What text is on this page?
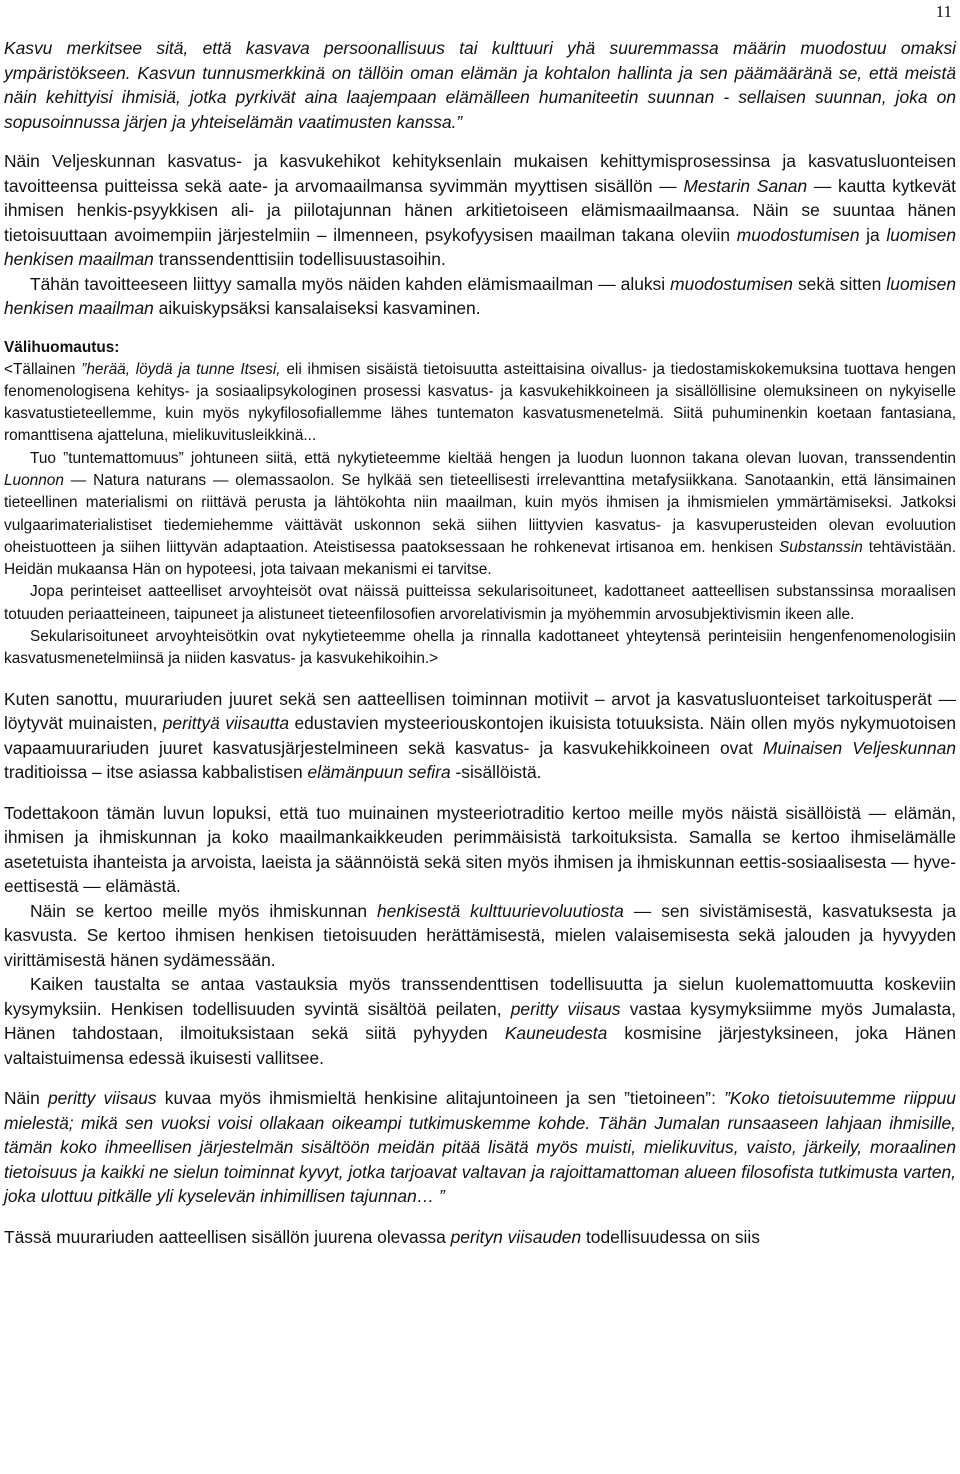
11

Kasvu merkitsee sitä, että kasvava persoonallisuus tai kulttuuri yhä suuremmassa määrin muodostuu omaksi ympäristökseen. Kasvun tunnusmerkkinä on tällöin oman elämän ja kohtalon hallinta ja sen päämääränä se, että meistä näin kehittyisi ihmisiä, jotka pyrkivät aina laajempaan elämälleen humaniteetin suunnan - sellaisen suunnan, joka on sopusoinnussa järjen ja yhteiselämän vaatimusten kanssa.”

Näin Veljeskunnan kasvatus- ja kasvukehikot kehityksenlain mukaisen kehittymisprosessinsa ja kasvatusluonteisen tavoitteensa puitteissa sekä aate- ja arvomaailmansa syvimmän myyttisen sisällön — Mestarin Sanan — kautta kytkevät ihmisen henkis-psyykkisen ali- ja piilotajunnan hänen arkitietoiseen elämismaailmaansa. Näin se suuntaa hänen tietoisuuttaan avoimempiin järjestelmiin – ilmenneen, psykofyysisen maailman takana oleviin muodostumisen ja luomisen henkisen maailman transsendenttisiin todellisuustasoihin.

Tähän tavoitteeseen liittyy samalla myös näiden kahden elämismaailman — aluksi muodostumisen sekä sitten luomisen henkisen maailman aikuiskypsäksi kansalaiseksi kasvaminen.

Välihuomautus:

<Tällainen ”herää, löydä ja tunne Itsesi, eli ihmisen sisäistä tietoisuutta asteittaisina oivallus- ja tiedostamiskokemuksina tuottava hengen fenomenologisena kehitys- ja sosiaalipsykologinen prosessi kasvatus- ja kasvukehikkoineen ja sisällöllisine olemuksineen on nykyiselle kasvatustieteellemme, kuin myös nykyfilosofiallemme lähes tuntematon kasvatusmenetelmä. Siitä puhuminenkin koetaan fantasiana, romanttisena ajatteluna, mielikuvitusleikkinä...

Tuo ”tuntemattomuus” johtuneen siitä, että nykytieteemme kieltää hengen ja luodun luonnon takana olevan luovan, transsendentin Luonnon — Natura naturans — olemassaolon. Se hylkää sen tieteellisesti irrelevanttina metafysiikkana. Sanotaankin, että länsimainen tieteellinen materialismi on riittävä perusta ja lähtökohta niin maailman, kuin myös ihmisen ja ihmismielen ymmärtämiseksi. Jatkoksi vulgaarimaterialistiset tiedemiehemme väittävät uskonnon sekä siihen liittyvien kasvatus- ja kasvuperusteiden olevan evoluution oheistuotteen ja siihen liittyvän adaptaation. Ateistisessa paatoksessaan he rohkenevat irtisanoa em. henkisen Substanssin tehtävistään. Heidän mukaansa Hän on hypoteesi, jota taivaan mekanismi ei tarvitse.

Jopa perinteiset aatteelliset arvoyhteisöt ovat näissä puitteissa sekularisoituneet, kadottaneet aatteellisen substanssinsa moraalisen totuuden periaatteineen, taipuneet ja alistuneet tieteenfilosofien arvorelativismin ja myöhemmin arvosubjektivismin ikeen alle.

Sekularisoituneet arvoyhteisötkin ovat nykytieteemme ohella ja rinnalla kadottaneet yhteytensä perinteisiin hengenfenomenologisiin kasvatusmenetelmiinsä ja niiden kasvatus- ja kasvukehikoihin.>

Kuten sanottu, muurariuden juuret sekä sen aatteellisen toiminnan motiivit – arvot ja kasvatusluonteiset tarkoitusperät — löytyvät muinaisten, perittyä viisautta edustavien mysteeriouskontojen ikuisista totuuksista. Näin ollen myös nykymuotoisen vapaamuurariuden juuret kasvatusjärjestelmineen sekä kasvatus- ja kasvukehikkoineen ovat Muinaisen Veljeskunnan traditioissa – itse asiassa kabbalistisen elämänpuun sefira -sisällöistä.

Todettakoon tämän luvun lopuksi, että tuo muinainen mysteeriotraditio kertoo meille myös näistä sisällöistä — elämän, ihmisen ja ihmiskunnan ja koko maailmankaikkeuden perimmäisistä tarkoituksista. Samalla se kertoo ihmiselämälle asetetuista ihanteista ja arvoista, laeista ja säännöistä sekä siten myös ihmisen ja ihmiskunnan eettis-sosiaalisesta — hyve-eettisestä — elämästä.

Näin se kertoo meille myös ihmiskunnan henkisestä kulttuurievoluutiosta — sen sivistämisestä, kasvatuksesta ja kasvusta. Se kertoo ihmisen henkisen tietoisuuden herättämisestä, mielen valaisemisesta sekä jalouden ja hyvyyden virittämisestä hänen sydämessään.

Kaiken taustalta se antaa vastauksia myös transsendenttisen todellisuutta ja sielun kuolemattomuutta koskeviin kysymyksiin. Henkisen todellisuuden syvintä sisältöä peilaten, peritty viisaus vastaa kysymyksiimme myös Jumalasta, Hänen tahdostaan, ilmoituksistaan sekä siitä pyhyyden Kauneudesta kosmisine järjestyksineen, joka Hänen valtaistuimensa edessä ikuisesti vallitsee.

Näin peritty viisaus kuvaa myös ihmismieltä henkisine alitajuntoineen ja sen ”tietoineen”: ”Koko tietoisuutemme riippuu mielestä; mikä sen vuoksi voisi ollakaan oikeampi tutkimuskemme kohde. Tähän Jumalan runsaaseen lahjaan ihmisille, tämän koko ihmeellisen järjestelmän sisältöön meidän pitää lisätä myös muisti, mielikuvitus, vaisto, järkeily, moraalinen tietoisuus ja kaikki ne sielun toiminnat kyvyt, jotka tarjoavat valtavan ja rajoittamattoman alueen filosofista tutkimusta varten, joka ulottuu pitkälle yli kyselevän inhimillisen tajunnan… ”

Tässä muurariuden aatteellisen sisällön juurena olevassa perityn viisauden todellisuudessa on siis
